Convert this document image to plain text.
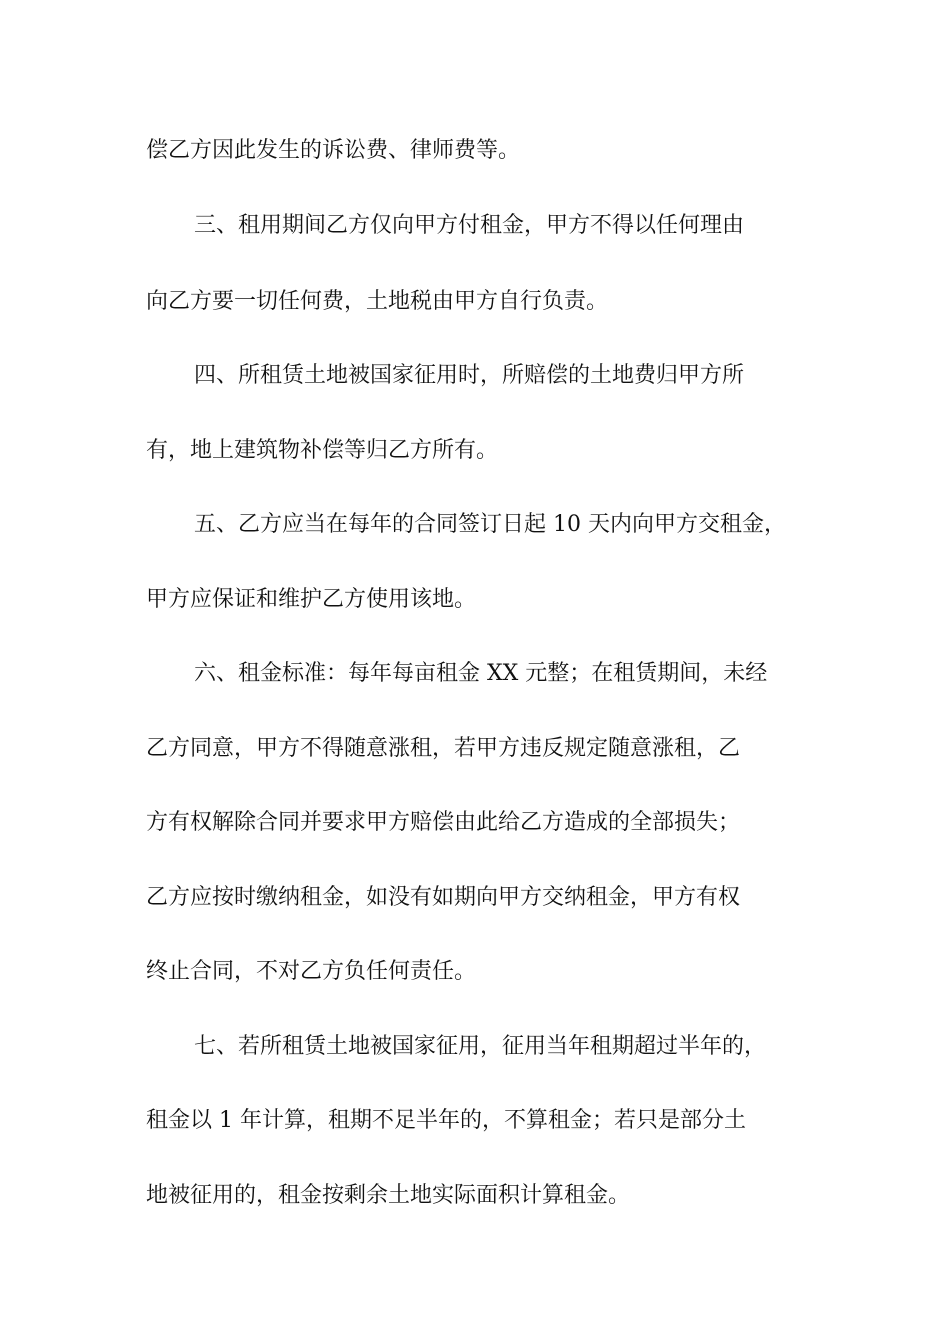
偿乙方因此发生的诉讼费、律师费等。
三、租用期间乙方仅向甲方付租金，甲方不得以任何理由
向乙方要一切任何费，土地税由甲方自行负责。
四、所租赁土地被国家征用时，所赔偿的土地费归甲方所
有，地上建筑物补偿等归乙方所有。
五、乙方应当在每年的合同签订日起 10 天内向甲方交租金，
甲方应保证和维护乙方使用该地。
六、租金标准：每年每亩租金 XX 元整；在租赁期间，未经
乙方同意，甲方不得随意涨租，若甲方违反规定随意涨租，乙
方有权解除合同并要求甲方赔偿由此给乙方造成的全部损失；
乙方应按时缴纳租金，如没有如期向甲方交纳租金，甲方有权
终止合同，不对乙方负任何责任。
七、若所租赁土地被国家征用，征用当年租期超过半年的，
租金以 1 年计算，租期不足半年的，不算租金；若只是部分土
地被征用的，租金按剩余土地实际面积计算租金。
